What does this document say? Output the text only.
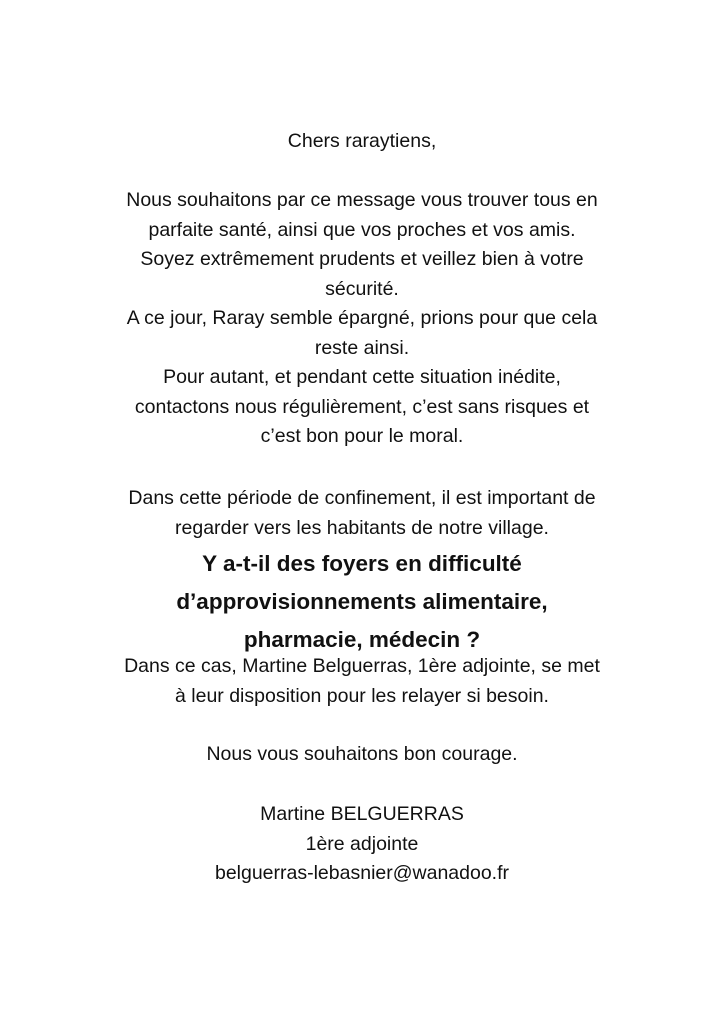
Chers raraytiens,

Nous souhaitons par ce message vous trouver tous en

parfaite santé, ainsi que vos proches et vos amis.

Soyez extrêmement prudents et veillez bien à votre

sécurité.

A ce jour, Raray semble épargné, prions pour que cela

reste ainsi.

Pour autant, et pendant cette situation inédite,

contactons nous régulièrement, c’est sans risques et

c’est bon pour le moral.

Dans cette période de confinement, il est important de

regarder vers les habitants de notre village.

Y a-t-il des foyers en difficulté

d’approvisionnements alimentaire,

pharmacie, médecin ?

Dans ce cas, Martine Belguerras, 1ère adjointe, se met

à leur disposition pour les relayer si besoin.

Nous vous souhaitons bon courage.

Martine BELGUERRAS

1ère adjointe

belguerras-lebasnier@wanadoo.fr
